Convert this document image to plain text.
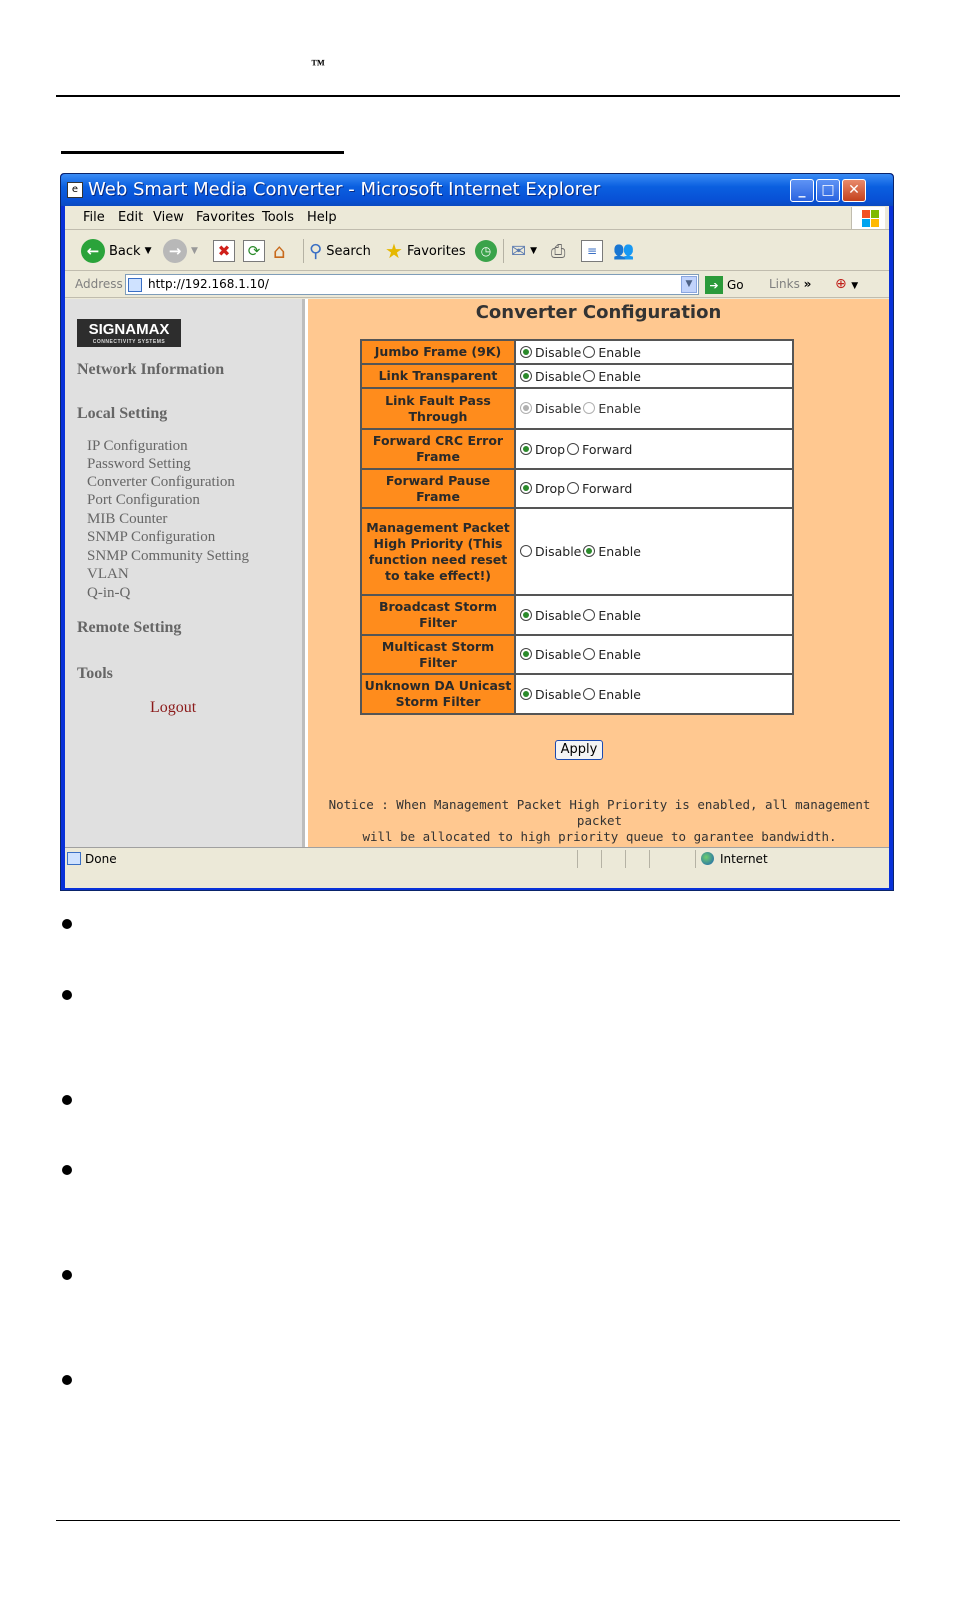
™
e Web Smart Media Converter - Microsoft Internet Explorer	_	□ ✕
File Edit View Favorites Tools Help
← Back ▼	→	▼	✖	⟳ ⌂ ⚲ Search ★ Favorites	◷	✉ ▼ ⎙	≡ 👥
Address	http://192.168.1.10/	▼	➔ Go Links » ⊕ ▼
SIGNAMAX
CONNECTIVITY SYSTEMS
Network Information
Local Setting
IP Configuration
Password Setting
Converter Configuration
Port Configuration
MIB Counter
SNMP Configuration
SNMP Community Setting
VLAN
Q-in-Q
Remote Setting
Tools
Logout
Converter Configuration
Jumbo Frame (9K)	Disable Enable
Link Transparent	Disable Enable
Link Fault Pass Through	Disable Enable
Forward CRC Error Frame	Drop Forward
Forward Pause Frame	Drop Forward
Management Packet High Priority (This function need reset to take effect!)	Disable Enable
Broadcast Storm Filter	Disable Enable
Multicast Storm Filter	Disable Enable
Unknown DA Unicast Storm Filter	Disable Enable
Apply
Notice : When Management Packet High Priority is enabled, all management packet
will be allocated to high priority queue to garantee bandwidth.
Done	Internet
